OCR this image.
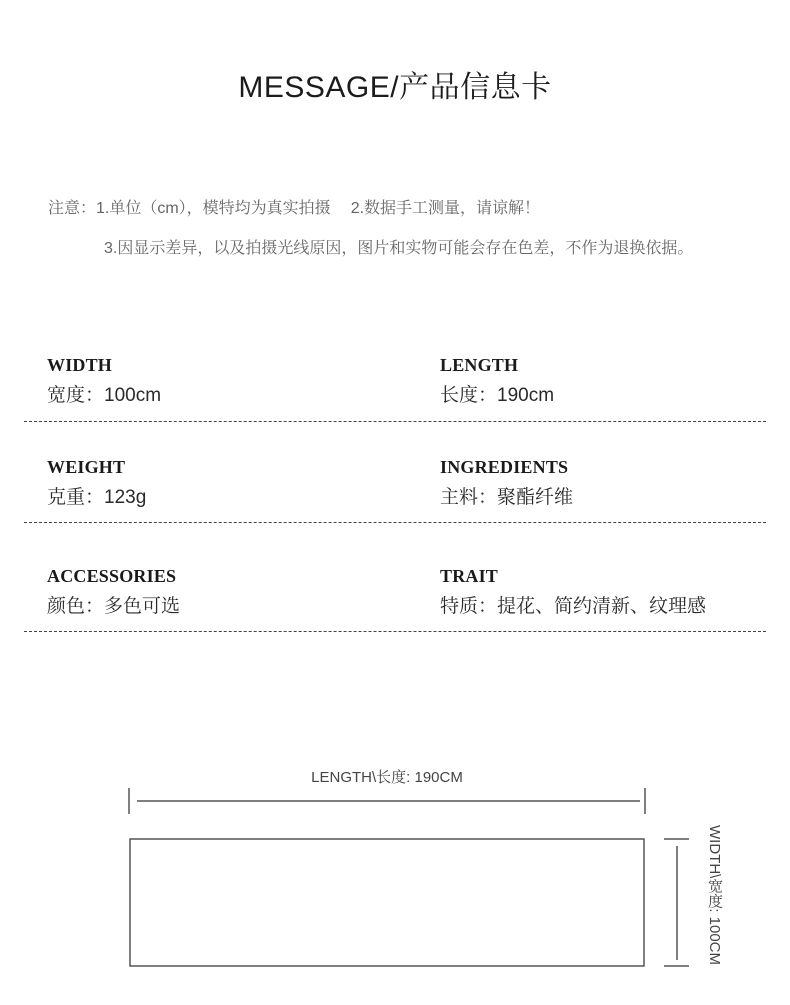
MESSAGE/产品信息卡
注意：1.单位（cm），模特均为真实拍摄 2.数据手工测量，请谅解！
3.因显示差异，以及拍摄光线原因，图片和实物可能会存在色差，不作为退换依据。
WIDTH
宽度：100cm
LENGTH
长度：190cm
WEIGHT
克重：123g
INGREDIENTS
主料：聚酯纤维
ACCESSORIES
颜色：多色可选
TRAIT
特质：提花、简约清新、纹理感
LENGTH\长度: 190CM
WIDTH\宽度: 100CM
